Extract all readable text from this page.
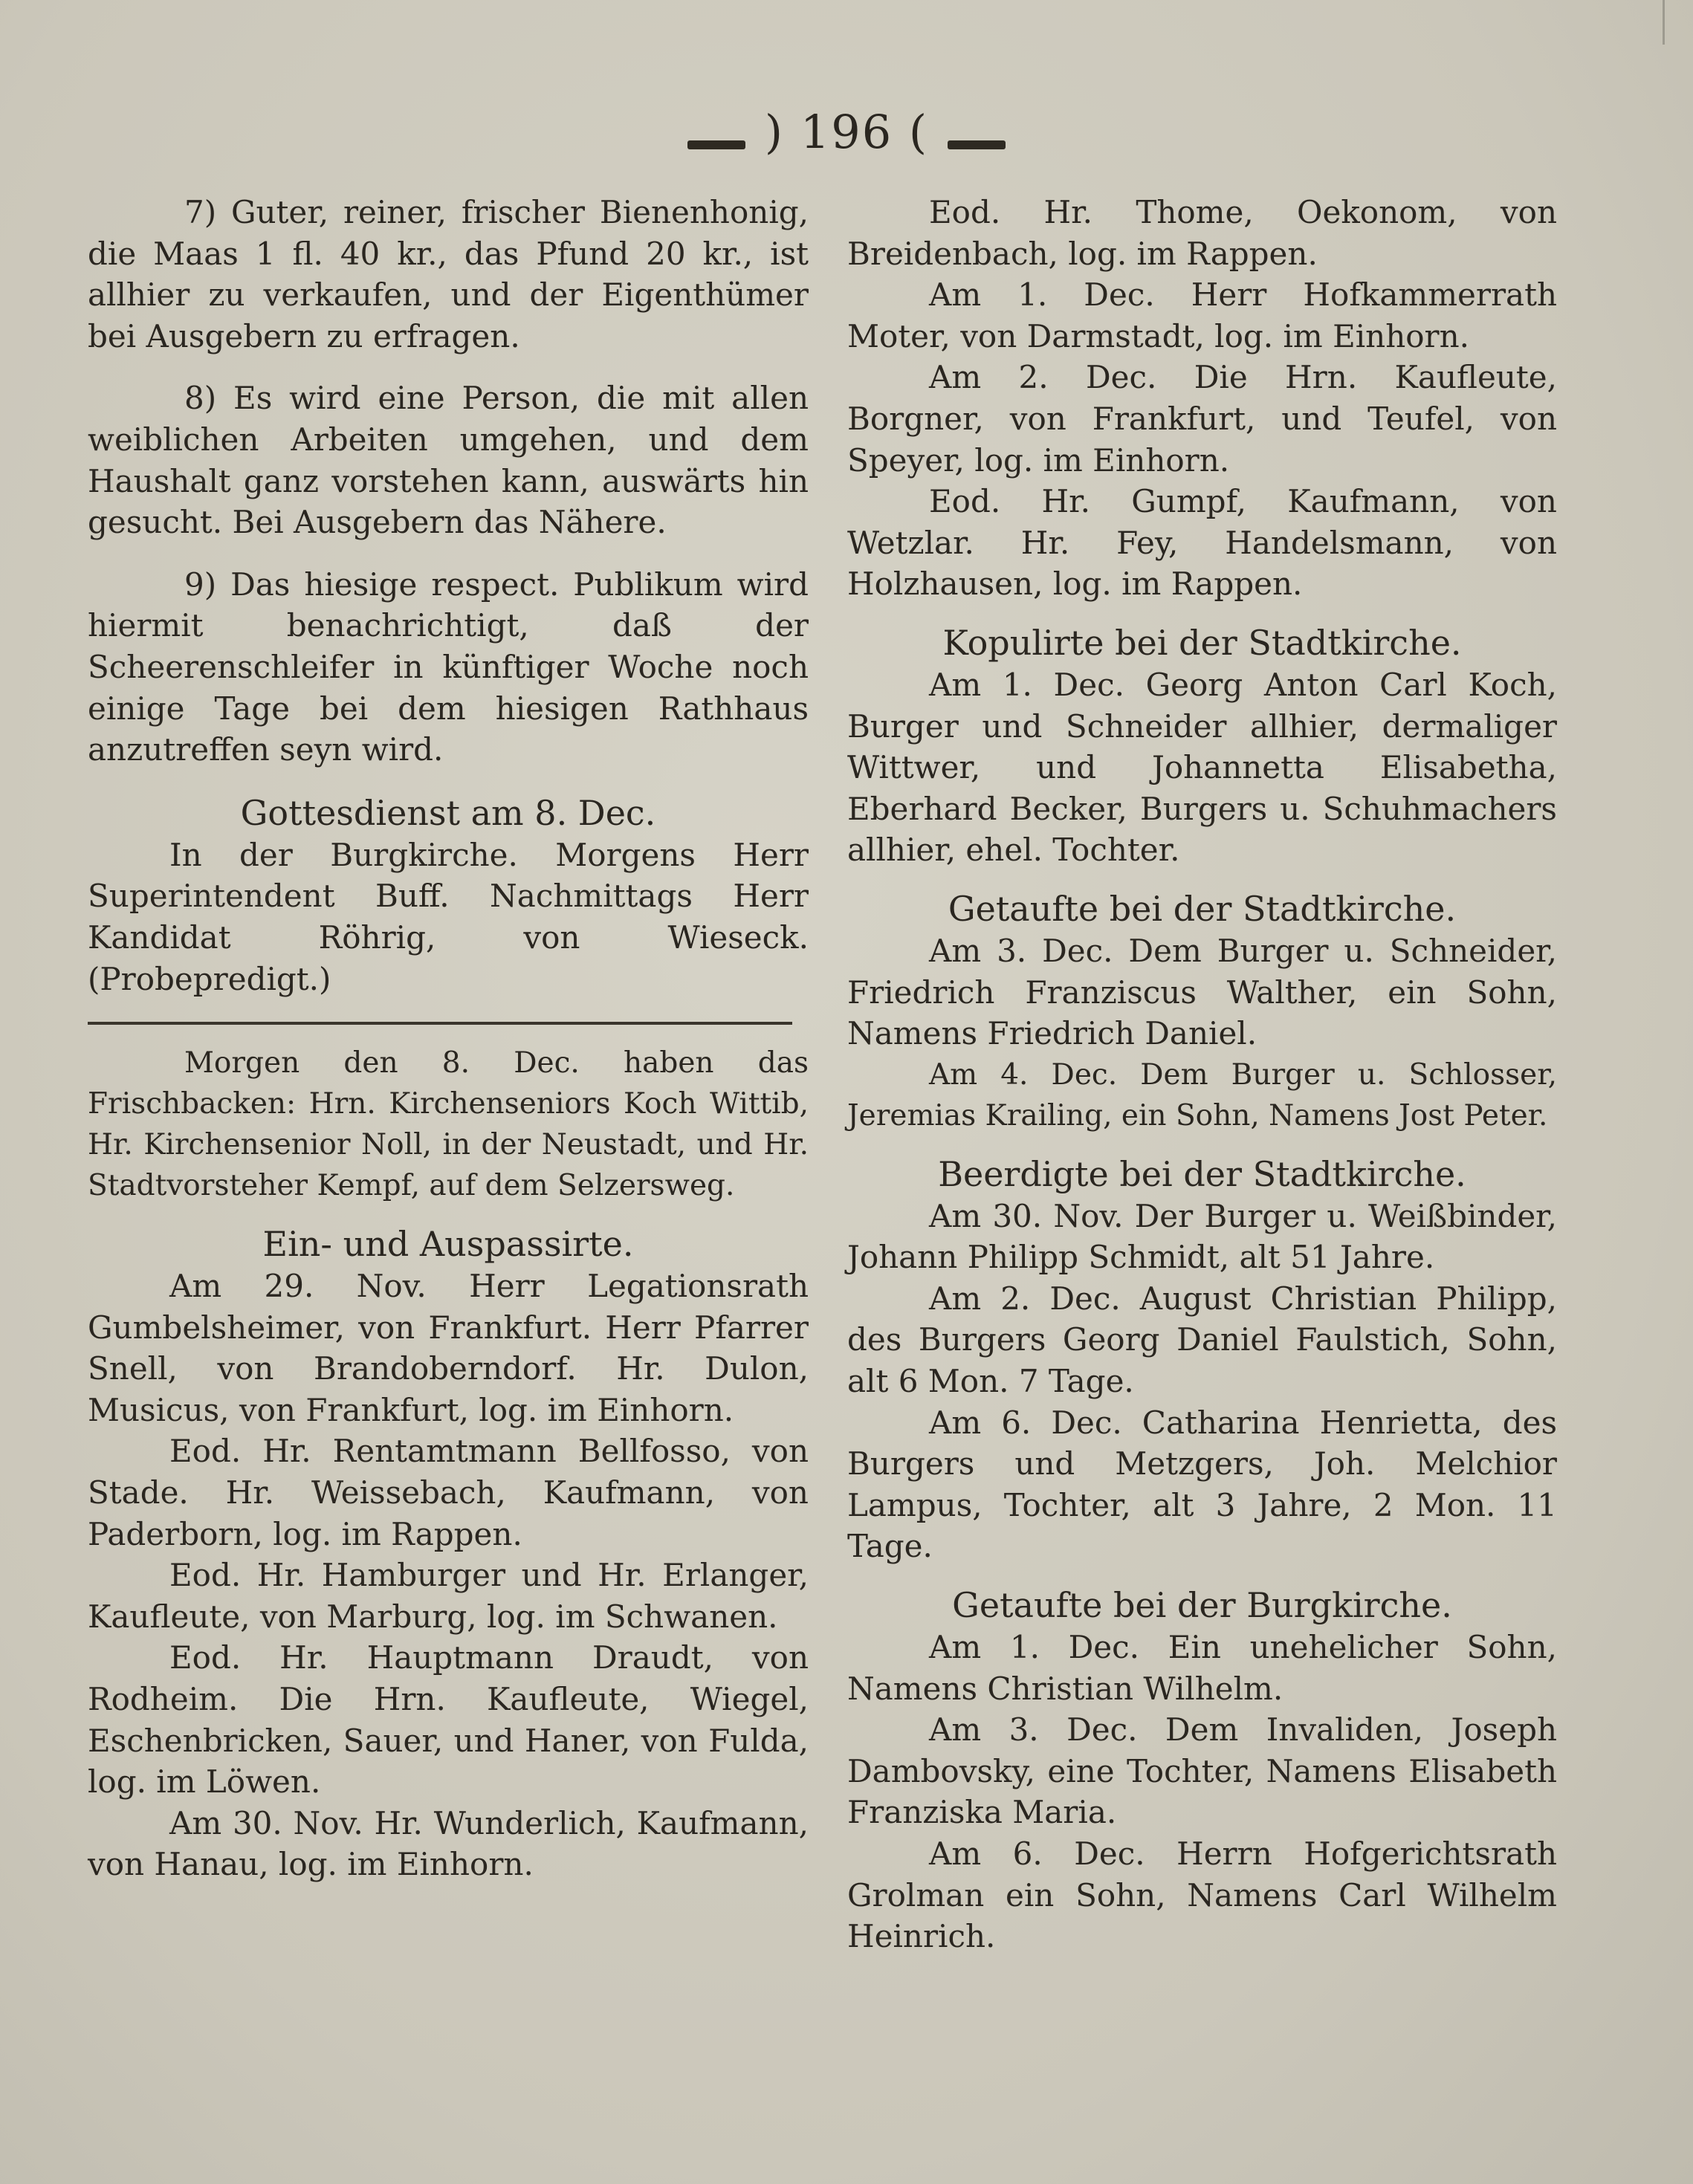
) 196 (

7) Guter, reiner, frischer Bienenhonig, die Maas 1 fl. 40 kr., das Pfund 20 kr., ist allhier zu verkaufen, und der Eigenthümer bei Ausgebern zu erfragen.

8) Es wird eine Person, die mit allen weiblichen Arbeiten umgehen, und dem Haushalt ganz vorstehen kann, auswärts hin gesucht. Bei Ausgebern das Nähere.

9) Das hiesige respect. Publikum wird hiermit benachrichtigt, daß der Scheerenschleifer in künftiger Woche noch einige Tage bei dem hiesigen Rathhaus anzutreffen seyn wird.

Gottesdienst am 8. Dec.

In der Burgkirche. Morgens Herr Superintendent Buff. Nachmittags Herr Kandidat Röhrig, von Wieseck. (Probepredigt.)

Morgen den 8. Dec. haben das Frischbacken: Hrn. Kirchenseniors Koch Wittib, Hr. Kirchensenior Noll, in der Neustadt, und Hr. Stadtvorsteher Kempf, auf dem Selzersweg.

Ein- und Auspassirte.

Am 29. Nov. Herr Legationsrath Gumbelsheimer, von Frankfurt. Herr Pfarrer Snell, von Brandoberndorf. Hr. Dulon, Musicus, von Frankfurt, log. im Einhorn.

Eod. Hr. Rentamtmann Bellfosso, von Stade. Hr. Weissebach, Kaufmann, von Paderborn, log. im Rappen.

Eod. Hr. Hamburger und Hr. Erlanger, Kaufleute, von Marburg, log. im Schwanen.

Eod. Hr. Hauptmann Draudt, von Rodheim. Die Hrn. Kaufleute, Wiegel, Eschenbricken, Sauer, und Haner, von Fulda, log. im Löwen.

Am 30. Nov. Hr. Wunderlich, Kaufmann, von Hanau, log. im Einhorn.

Eod. Hr. Thome, Oekonom, von Breidenbach, log. im Rappen.

Am 1. Dec. Herr Hofkammerrath Moter, von Darmstadt, log. im Einhorn.

Am 2. Dec. Die Hrn. Kaufleute, Borgner, von Frankfurt, und Teufel, von Speyer, log. im Einhorn.

Eod. Hr. Gumpf, Kaufmann, von Wetzlar. Hr. Fey, Handelsmann, von Holzhausen, log. im Rappen.

Kopulirte bei der Stadtkirche.

Am 1. Dec. Georg Anton Carl Koch, Burger und Schneider allhier, dermaliger Wittwer, und Johannetta Elisabetha, Eberhard Becker, Burgers u. Schuhmachers allhier, ehel. Tochter.

Getaufte bei der Stadtkirche.

Am 3. Dec. Dem Burger u. Schneider, Friedrich Franziscus Walther, ein Sohn, Namens Friedrich Daniel.

Am 4. Dec. Dem Burger u. Schlosser, Jeremias Krailing, ein Sohn, Namens Jost Peter.

Beerdigte bei der Stadtkirche.

Am 30. Nov. Der Burger u. Weißbinder, Johann Philipp Schmidt, alt 51 Jahre.

Am 2. Dec. August Christian Philipp, des Burgers Georg Daniel Faulstich, Sohn, alt 6 Mon. 7 Tage.

Am 6. Dec. Catharina Henrietta, des Burgers und Metzgers, Joh. Melchior Lampus, Tochter, alt 3 Jahre, 2 Mon. 11 Tage.

Getaufte bei der Burgkirche.

Am 1. Dec. Ein unehelicher Sohn, Namens Christian Wilhelm.

Am 3. Dec. Dem Invaliden, Joseph Dambovsky, eine Tochter, Namens Elisabeth Franziska Maria.

Am 6. Dec. Herrn Hofgerichtsrath Grolman ein Sohn, Namens Carl Wilhelm Heinrich.
